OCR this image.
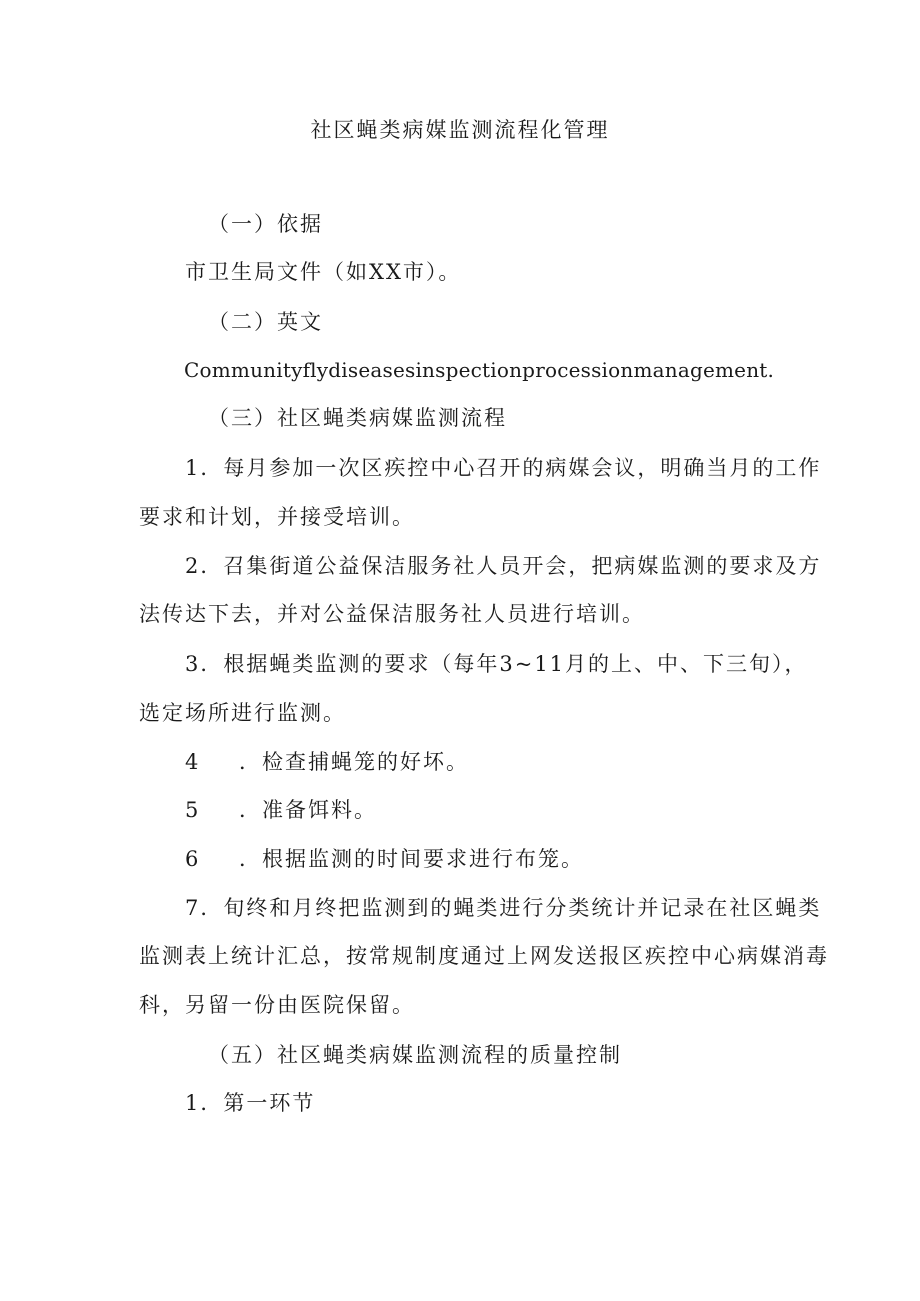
社区蝇类病媒监测流程化管理
（一）依据
市卫生局文件（如XX市）。
（二）英文
Communityflydiseasesinspectionprocessionmanagement.
（三）社区蝇类病媒监测流程
1．每月参加一次区疾控中心召开的病媒会议，明确当月的工作
要求和计划，并接受培训。
2．召集街道公益保洁服务社人员开会，把病媒监测的要求及方
法传达下去，并对公益保洁服务社人员进行培训。
3．根据蝇类监测的要求（每年3~11月的上、中、下三旬），
选定场所进行监测。
4 ．检查捕蝇笼的好坏。
5 ．准备饵料。
6 ．根据监测的时间要求进行布笼。
7．旬终和月终把监测到的蝇类进行分类统计并记录在社区蝇类
监测表上统计汇总，按常规制度通过上网发送报区疾控中心病媒消毒
科，另留一份由医院保留。
（五）社区蝇类病媒监测流程的质量控制
1．第一环节
